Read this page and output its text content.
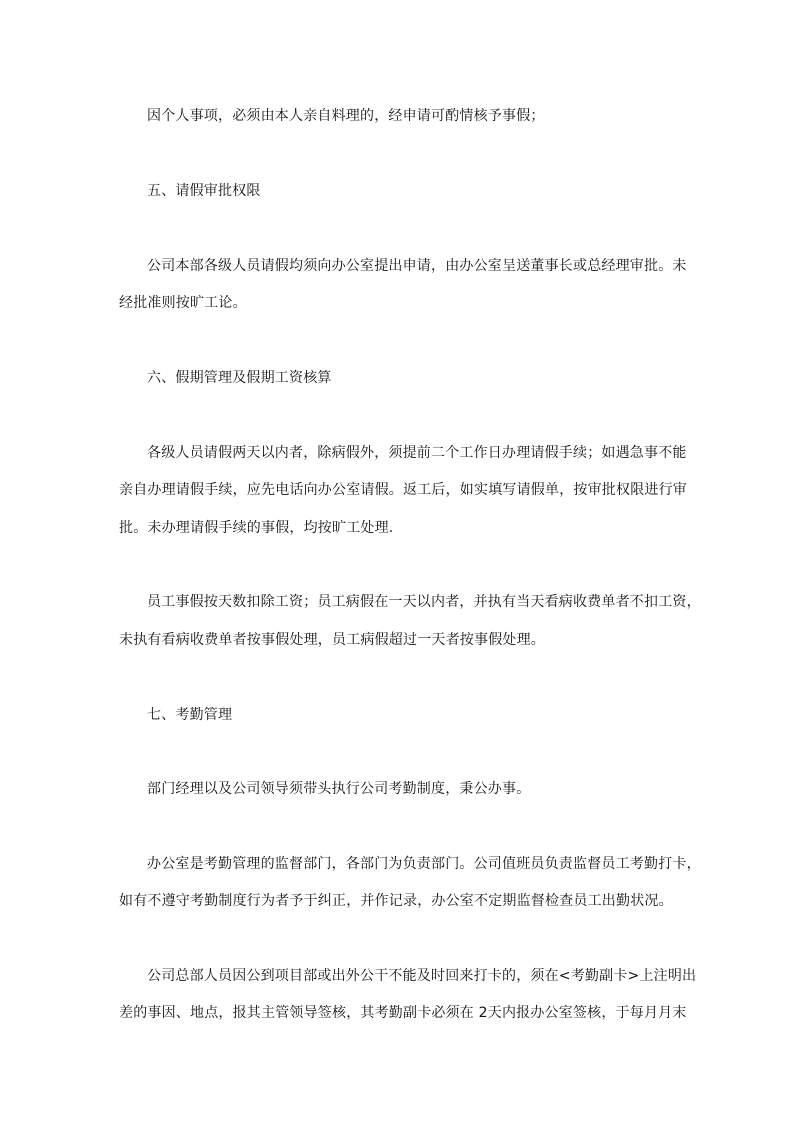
因个人事项，必须由本人亲自料理的，经申请可酌情核予事假；
五、请假审批权限
公司本部各级人员请假均须向办公室提出申请，由办公室呈送董事长或总经理审批。未
经批准则按旷工论。
六、假期管理及假期工资核算
各级人员请假两天以内者，除病假外，须提前二个工作日办理请假手续；如遇急事不能
亲自办理请假手续，应先电话向办公室请假。返工后，如实填写请假单，按审批权限进行审
批。未办理请假手续的事假，均按旷工处理.
员工事假按天数扣除工资；员工病假在一天以内者，并执有当天看病收费单者不扣工资，
未执有看病收费单者按事假处理，员工病假超过一天者按事假处理。
七、考勤管理
部门经理以及公司领导须带头执行公司考勤制度，秉公办事。
办公室是考勤管理的监督部门，各部门为负责部门。公司值班员负责监督员工考勤打卡，
如有不遵守考勤制度行为者予于纠正，并作记录，办公室不定期监督检查员工出勤状况。
公司总部人员因公到项目部或出外公干不能及时回来打卡的，须在<考勤副卡>上注明出
差的事因、地点，报其主管领导签核，其考勤副卡必须在 2天内报办公室签核，于每月月末
